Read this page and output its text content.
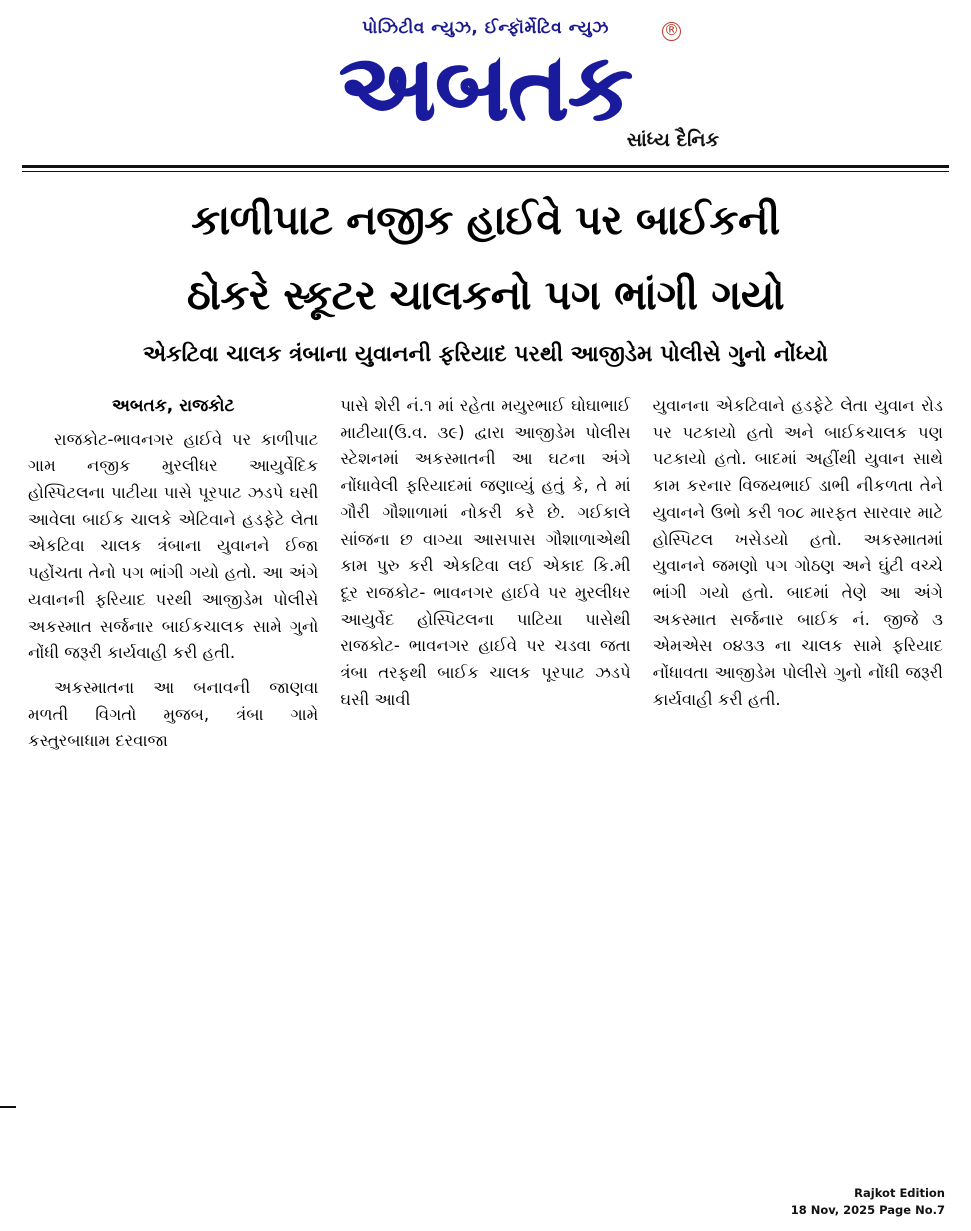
પોઝિટીવ ન્યુઝ, ઈન્ફૉર્મેટિવ ન્યુઝ
અબતક
®
સાંધ્ય દૈનિક
કાળીપાટ નજીક હાઈવે પર બાઈકની
ઠોકરે સ્કૂટર ચાલકનો પગ ભાંગી ગયો
એકટિવા ચાલક ત્રંબાના યુવાનની ફરિયાદ પરથી આજીડેમ પોલીસે ગુનો નોંધ્યો
અબતક, રાજકોટ

રાજકોટ-ભાવનગર હાઈવે પર કાળીપાટ ગામ નજીક મુરલીધર આયુર્વેદિક હોસ્પિટલના પાટીયા પાસે પૂરપાટ ઝડપે ઘસી આવેલા બાઈક ચાલકે એટિવાને હડફેટે લેતા એકટિવા ચાલક ત્રંબાના યુવાનને ઈજા પહોંચતા તેનો પગ ભાંગી ગયો હતો. આ અંગે યવાનની ફરિયાદ પરથી આજીડેમ પોલીસે અકસ્માત સર્જનાર બાઈકચાલક સામે ગુનો નોંધી જરૂરી કાર્યવાહી કરી હતી.

અકસ્માતના આ બનાવની જાણવા મળતી વિગતો મુજબ, ત્રંબા ગામે કસ્તુરબાધામ દરવાજા

પાસે શેરી નં.૧ માં રહેતા મયુરભાઈ ઘોઘાભાઈ માટીયા(ઉ.વ. ૩૯) દ્વારા આજીડેમ પોલીસ સ્ટેશનમાં અકસ્માતની આ ઘટના અંગે નોંધાવેલી ફરિયાદમાં જણાવ્યું હતું કે, તે માં ગૌરી ગૌશાળામાં નોકરી કરે છે. ગઈકાલે સાંજના છ વાગ્યા આસપાસ ગૌશાળાએથી કામ પુરુ કરી એકટિવા લઈ એકાદ કિ.મી દૂર રાજકોટ- ભાવનગર હાઈવે પર મુરલીધર આયુર્વેદ હોસ્પિટલના પાટિયા પાસેથી રાજકોટ- ભાવનગર હાઈવે પર ચડવા જતા ત્રંબા તરફથી બાઈક ચાલક પૂરપાટ ઝડપે ઘસી આવી

યુવાનના એકટિવાને હડફેટે લેતા યુવાન રોડ પર પટકાયો હતો અને બાઈકચાલક પણ પટકાયો હતો. બાદમાં અહીંથી યુવાન સાથે કામ કરનાર વિજયભાઈ ડાભી નીકળતા તેને યુવાનને ઉભો કરી ૧૦૮ મારફત સારવાર માટે હોસ્પિટલ ખસેડયો હતો. અકસ્માતમાં યુવાનને જમણો પગ ગોઠણ અને ઘુંટી વચ્ચે ભાંગી ગયો હતો. બાદમાં તેણે આ અંગે અકસ્માત સર્જનાર બાઈક નં. જીજે ૩ એમએસ ૦૪૩૩ ના ચાલક સામે ફરિયાદ નોંધાવતા આજીડેમ પોલીસે ગુનો નોંધી જરૂરી કાર્યવાહી કરી હતી.

Rajkot Edition
18 Nov, 2025 Page No.7
